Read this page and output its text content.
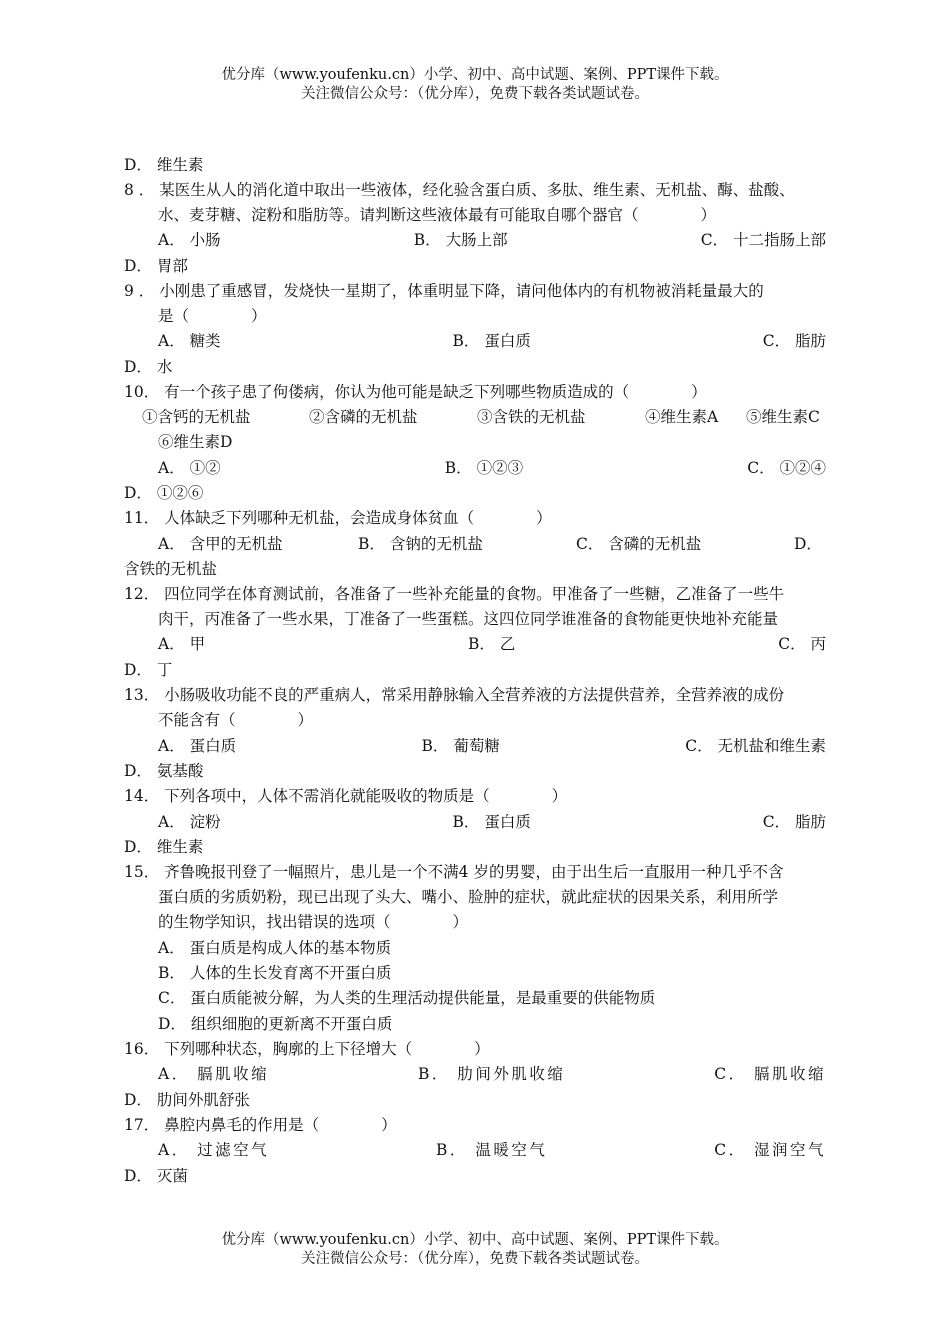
优分库（www.youfenku.cn）小学、初中、高中试题、案例、PPT课件下载。
关注微信公众号：（优分库），免费下载各类试题试卷。
D． 维生素
8 ． 某医生从人的消化道中取出一些液体，经化验含蛋白质、多肽、维生素、无机盐、酶、盐酸、
水、麦芽糖、淀粉和脂肪等。请判断这些液体最有可能取自哪个器官（　　　　）
A． 小肠	B． 大肠上部	C． 十二指肠上部
D． 胃部
9 ． 小刚患了重感冒，发烧快一星期了，体重明显下降，请问他体内的有机物被消耗量最大的
是（　　　　）
A． 糖类	B． 蛋白质	C． 脂肪
D． 水
10． 有一个孩子患了佝偻病，你认为他可能是缺乏下列哪些物质造成的（　　　　）
①含钙的无机盐	②含磷的无机盐	③含铁的无机盐	④维生素A ⑤维生素C
⑥维生素D
A． ①②	B． ①②③	C． ①②④
D． ①②⑥
11． 人体缺乏下列哪种无机盐，会造成身体贫血（　　　　）
A． 含甲的无机盐	B． 含钠的无机盐	C． 含磷的无机盐	D．
含铁的无机盐
12． 四位同学在体育测试前，各准备了一些补充能量的食物。甲准备了一些糖，乙准备了一些牛
肉干，丙准备了一些水果，丁准备了一些蛋糕。这四位同学谁准备的食物能更快地补充能量
A． 甲	B． 乙	C． 丙
D． 丁
13． 小肠吸收功能不良的严重病人，常采用静脉输入全营养液的方法提供营养，全营养液的成份
不能含有（　　　　）
A． 蛋白质	B． 葡萄糖	C． 无机盐和维生素
D． 氨基酸
14． 下列各项中，人体不需消化就能吸收的物质是（　　　　）
A． 淀粉	B． 蛋白质	C． 脂肪
D． 维生素
15． 齐鲁晚报刊登了一幅照片，患儿是一个不满4 岁的男婴，由于出生后一直服用一种几乎不含
蛋白质的劣质奶粉，现已出现了头大、嘴小、脸肿的症状，就此症状的因果关系，利用所学
的生物学知识，找出错误的选项（　　　　）
A． 蛋白质是构成人体的基本物质
B． 人体的生长发育离不开蛋白质
C． 蛋白质能被分解，为人类的生理活动提供能量，是最重要的供能物质
D． 组织细胞的更新离不开蛋白质
16． 下列哪种状态，胸廓的上下径增大（　　　　）
A． 膈肌收缩	B． 肋间外肌收缩	C． 膈肌收缩
D． 肋间外肌舒张
17． 鼻腔内鼻毛的作用是（　　　　）
A． 过滤空气	B． 温暖空气	C． 湿润空气
D． 灭菌
优分库（www.youfenku.cn）小学、初中、高中试题、案例、PPT课件下载。
关注微信公众号：（优分库），免费下载各类试题试卷。
